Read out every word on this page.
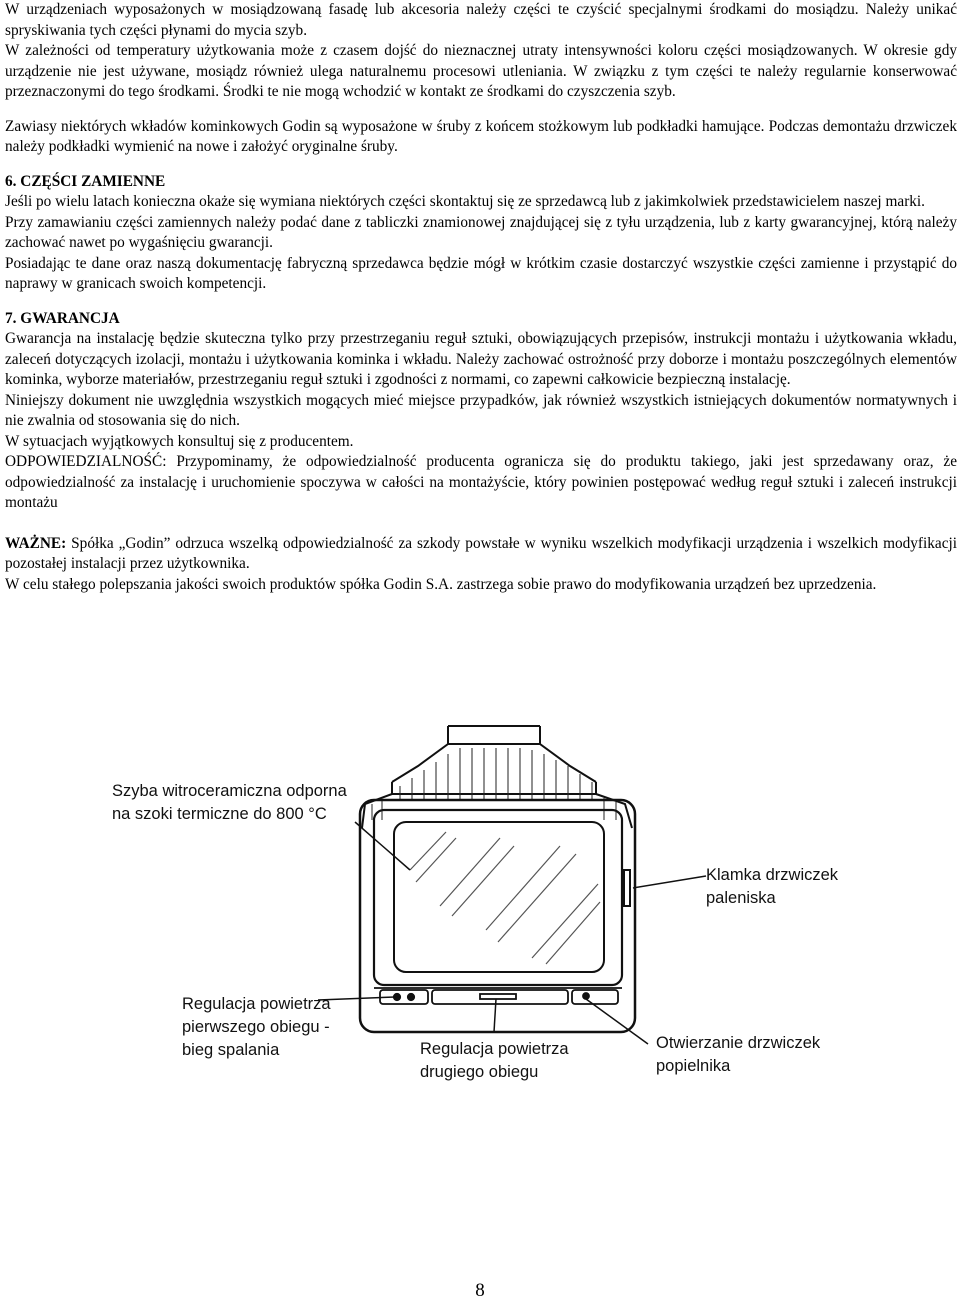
W urządzeniach wyposażonych w mosiądzowaną fasadę lub akcesoria należy części te czyścić specjalnymi środkami do mosiądzu. Należy unikać spryskiwania tych części płynami do mycia szyb.

W zależności od temperatury użytkowania może z czasem dojść do nieznacznej utraty intensywności koloru części mosiądzowanych. W okresie gdy urządzenie nie jest używane, mosiądz również ulega naturalnemu procesowi utleniania. W związku z tym części te należy regularnie konserwować przeznaczonymi do tego środkami. Środki te nie mogą wchodzić w kontakt ze środkami do czyszczenia szyb.

Zawiasy niektórych wkładów kominkowych Godin są wyposażone w śruby z końcem stożkowym lub podkładki hamujące. Podczas demontażu drzwiczek należy podkładki wymienić na nowe i założyć oryginalne śruby.

6. CZĘŚCI ZAMIENNE

Jeśli po wielu latach konieczna okaże się wymiana niektórych części skontaktuj się ze sprzedawcą lub z jakimkolwiek przedstawicielem naszej marki.

Przy zamawianiu części zamiennych należy podać dane z tabliczki znamionowej znajdującej się z tyłu urządzenia, lub z karty gwarancyjnej, którą należy zachować nawet po wygaśnięciu gwarancji.

Posiadając te dane oraz naszą dokumentację fabryczną sprzedawca będzie mógł w krótkim czasie dostarczyć wszystkie części zamienne i przystąpić do naprawy w granicach swoich kompetencji.

7. GWARANCJA

Gwarancja na instalację będzie skuteczna tylko przy przestrzeganiu reguł sztuki, obowiązujących przepisów, instrukcji montażu i użytkowania wkładu, zaleceń dotyczących izolacji, montażu i użytkowania kominka i wkładu. Należy zachować ostrożność przy doborze i montażu poszczególnych elementów kominka, wyborze materiałów, przestrzeganiu reguł sztuki i zgodności z normami, co zapewni całkowicie bezpieczną instalację.

Niniejszy dokument nie uwzględnia wszystkich mogących mieć miejsce przypadków, jak również wszystkich istniejących dokumentów normatywnych i nie zwalnia od stosowania się do nich.

W sytuacjach wyjątkowych konsultuj się z producentem.

ODPOWIEDZIALNOŚĆ: Przypominamy, że odpowiedzialność producenta ogranicza się do produktu takiego, jaki jest sprzedawany oraz, że odpowiedzialność za instalację i uruchomienie spoczywa w całości na montażyście, który powinien postępować według reguł sztuki i zaleceń instrukcji montażu

WAŻNE: Spółka „Godin” odrzuca wszelką odpowiedzialność za szkody powstałe w wyniku wszelkich modyfikacji urządzenia i wszelkich modyfikacji pozostałej instalacji przez użytkownika.

W celu stałego polepszania jakości swoich produktów spółka Godin S.A. zastrzega sobie prawo do modyfikowania urządzeń bez uprzedzenia.

Szyba witroceramiczna odporna
na szoki termiczne do 800 °C
Klamka drzwiczek
paleniska
Regulacja powietrza
pierwszego obiegu -
bieg spalania	Regulacja powietrza
drugiego obiegu
Otwierzanie drzwiczek
popielnika
8
